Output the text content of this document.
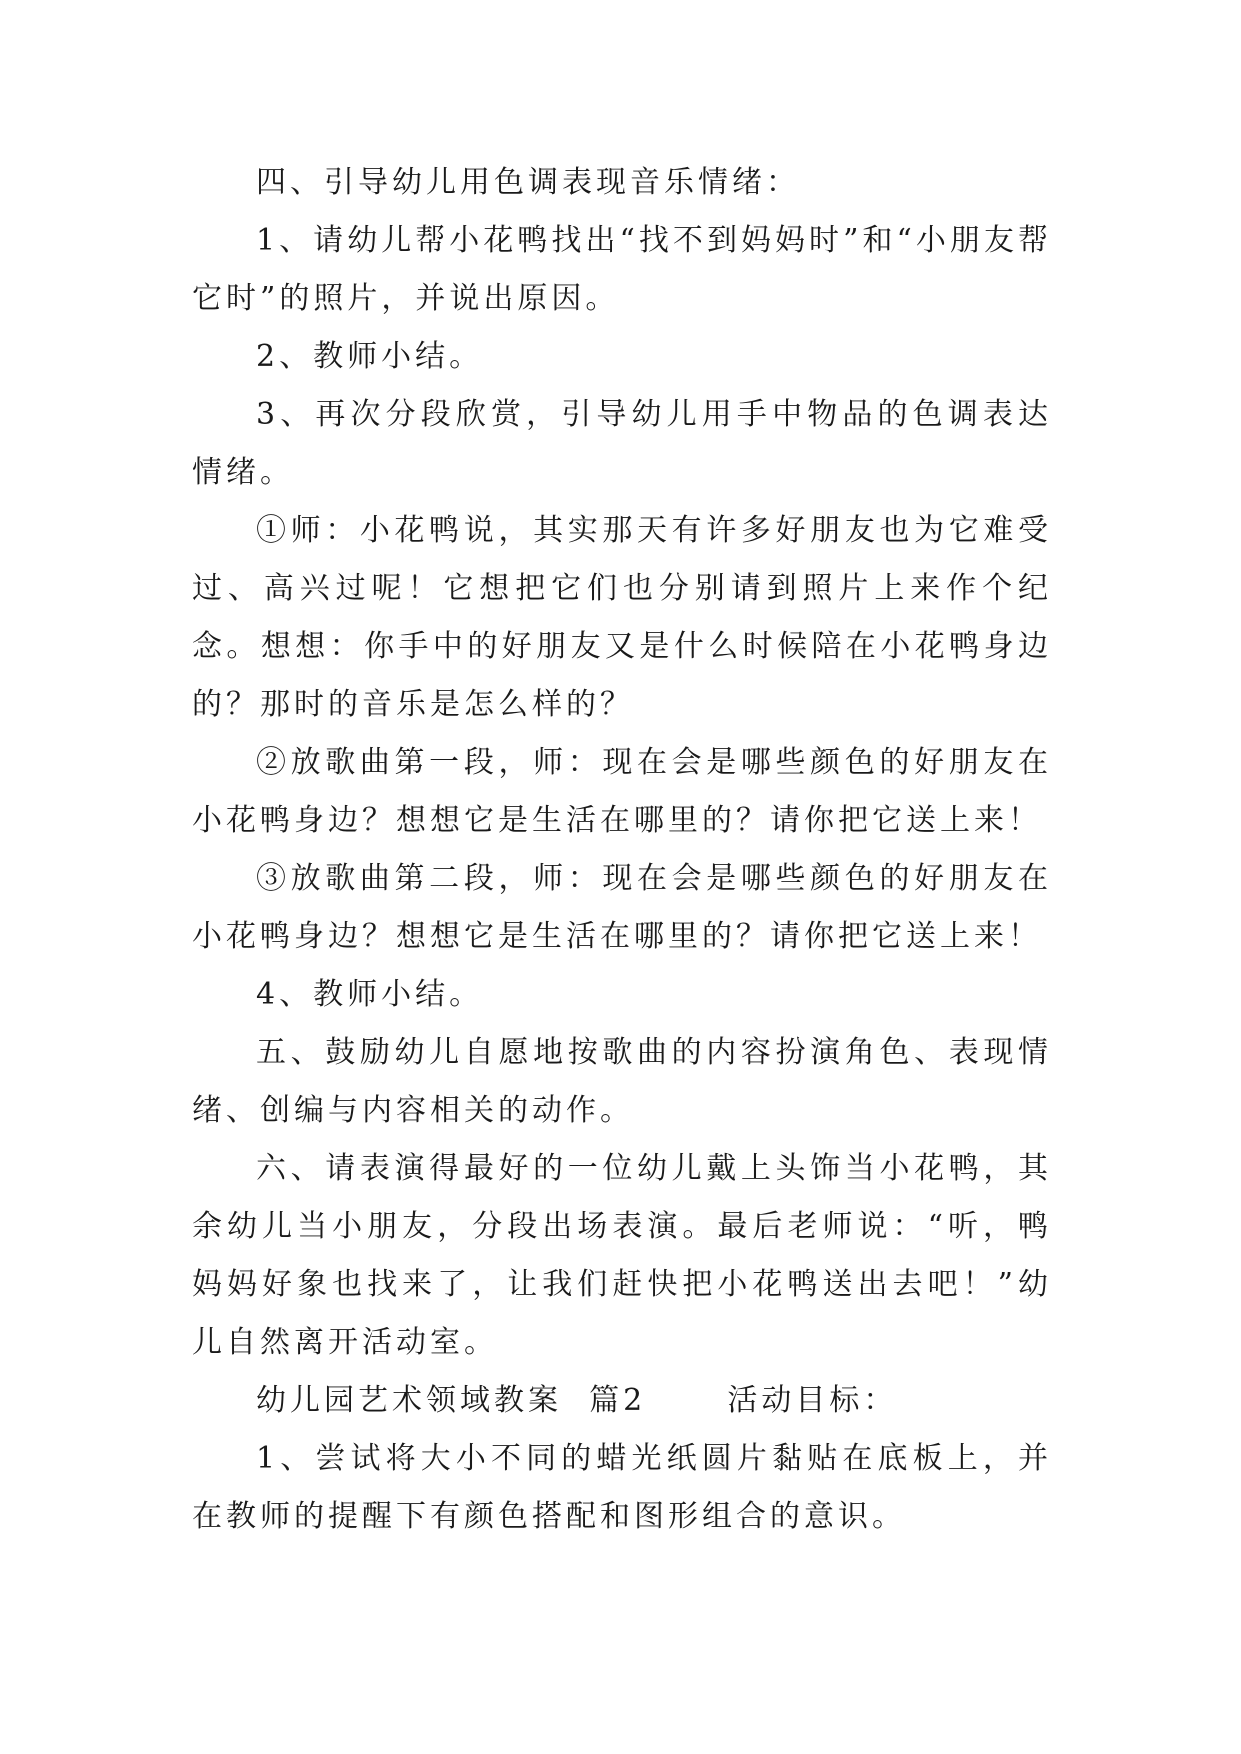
四、引导幼儿用色调表现音乐情绪：

1、请幼儿帮小花鸭找出“找不到妈妈时”和“小朋友帮它时”的照片，并说出原因。

2、教师小结。

3、再次分段欣赏，引导幼儿用手中物品的色调表达情绪。

①师：小花鸭说，其实那天有许多好朋友也为它难受过、高兴过呢！它想把它们也分别请到照片上来作个纪念。想想：你手中的好朋友又是什么时候陪在小花鸭身边的？那时的音乐是怎么样的？

②放歌曲第一段，师：现在会是哪些颜色的好朋友在小花鸭身边？想想它是生活在哪里的？请你把它送上来！

③放歌曲第二段，师：现在会是哪些颜色的好朋友在小花鸭身边？想想它是生活在哪里的？请你把它送上来！

4、教师小结。

五、鼓励幼儿自愿地按歌曲的内容扮演角色、表现情绪、创编与内容相关的动作。

六、请表演得最好的一位幼儿戴上头饰当小花鸭，其余幼儿当小朋友，分段出场表演。最后老师说：“听，鸭妈妈好象也找来了，让我们赶快把小花鸭送出去吧！”幼儿自然离开活动室。

幼儿园艺术领域教案  篇2      活动目标：

1、尝试将大小不同的蜡光纸圆片黏贴在底板上，并在教师的提醒下有颜色搭配和图形组合的意识。
